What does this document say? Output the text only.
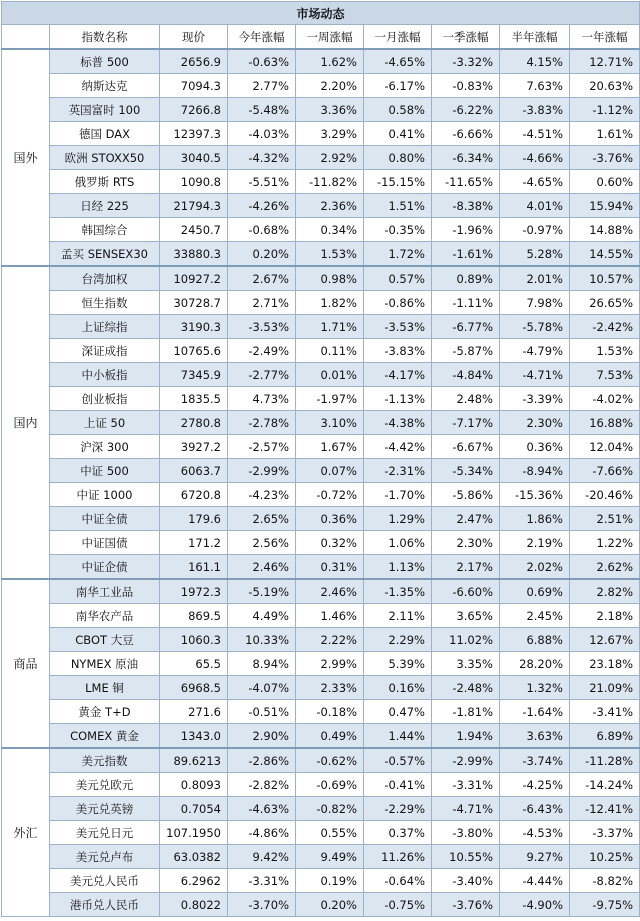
市场动态								
	指数名称	现价	今年涨幅	一周涨幅	一月涨幅	一季涨幅	半年涨幅	一年涨幅
国外	标普 500	2656.9	-0.63%	1.62%	-4.65%	-3.32%	4.15%	12.71%
	纳斯达克	7094.3	2.77%	2.20%	-6.17%	-0.83%	7.63%	20.63%
	英国富时 100	7266.8	-5.48%	3.36%	0.58%	-6.22%	-3.83%	-1.12%
	德国 DAX	12397.3	-4.03%	3.29%	0.41%	-6.66%	-4.51%	1.61%
	欧洲 STOXX50	3040.5	-4.32%	2.92%	0.80%	-6.34%	-4.66%	-3.76%
	俄罗斯 RTS	1090.8	-5.51%	-11.82%	-15.15%	-11.65%	-4.65%	0.60%
	日经 225	21794.3	-4.26%	2.36%	1.51%	-8.38%	4.01%	15.94%
	韩国综合	2450.7	-0.68%	0.34%	-0.35%	-1.96%	-0.97%	14.88%
	孟买 SENSEX30	33880.3	0.20%	1.53%	1.72%	-1.61%	5.28%	14.55%
国内	台湾加权	10927.2	2.67%	0.98%	0.57%	0.89%	2.01%	10.57%
	恒生指数	30728.7	2.71%	1.82%	-0.86%	-1.11%	7.98%	26.65%
	上证综指	3190.3	-3.53%	1.71%	-3.53%	-6.77%	-5.78%	-2.42%
	深证成指	10765.6	-2.49%	0.11%	-3.83%	-5.87%	-4.79%	1.53%
	中小板指	7345.9	-2.77%	0.01%	-4.17%	-4.84%	-4.71%	7.53%
	创业板指	1835.5	4.73%	-1.97%	-1.13%	2.48%	-3.39%	-4.02%
	上证 50	2780.8	-2.78%	3.10%	-4.38%	-7.17%	2.30%	16.88%
	沪深 300	3927.2	-2.57%	1.67%	-4.42%	-6.67%	0.36%	12.04%
	中证 500	6063.7	-2.99%	0.07%	-2.31%	-5.34%	-8.94%	-7.66%
	中证 1000	6720.8	-4.23%	-0.72%	-1.70%	-5.86%	-15.36%	-20.46%
	中证全债	179.6	2.65%	0.36%	1.29%	2.47%	1.86%	2.51%
	中证国债	171.2	2.56%	0.32%	1.06%	2.30%	2.19%	1.22%
	中证企债	161.1	2.46%	0.31%	1.13%	2.17%	2.02%	2.62%
商品	南华工业品	1972.3	-5.19%	2.46%	-1.35%	-6.60%	0.69%	2.82%
	南华农产品	869.5	4.49%	1.46%	2.11%	3.65%	2.45%	2.18%
	CBOT 大豆	1060.3	10.33%	2.22%	2.29%	11.02%	6.88%	12.67%
	NYMEX 原油	65.5	8.94%	2.99%	5.39%	3.35%	28.20%	23.18%
	LME 铜	6968.5	-4.07%	2.33%	0.16%	-2.48%	1.32%	21.09%
	黄金 T+D	271.6	-0.51%	-0.18%	0.47%	-1.81%	-1.64%	-3.41%
	COMEX 黄金	1343.0	2.90%	0.49%	1.44%	1.94%	3.63%	6.89%
外汇	美元指数	89.6213	-2.86%	-0.62%	-0.57%	-2.99%	-3.74%	-11.28%
	美元兑欧元	0.8093	-2.82%	-0.69%	-0.41%	-3.31%	-4.25%	-14.24%
	美元兑英镑	0.7054	-4.63%	-0.82%	-2.29%	-4.71%	-6.43%	-12.41%
	美元兑日元	107.1950	-4.86%	0.55%	0.37%	-3.80%	-4.53%	-3.37%
	美元兑卢布	63.0382	9.42%	9.49%	11.26%	10.55%	9.27%	10.25%
	美元兑人民币	6.2962	-3.31%	0.19%	-0.64%	-3.40%	-4.44%	-8.82%
	港币兑人民币	0.8022	-3.70%	0.20%	-0.75%	-3.76%	-4.90%	-9.75%
